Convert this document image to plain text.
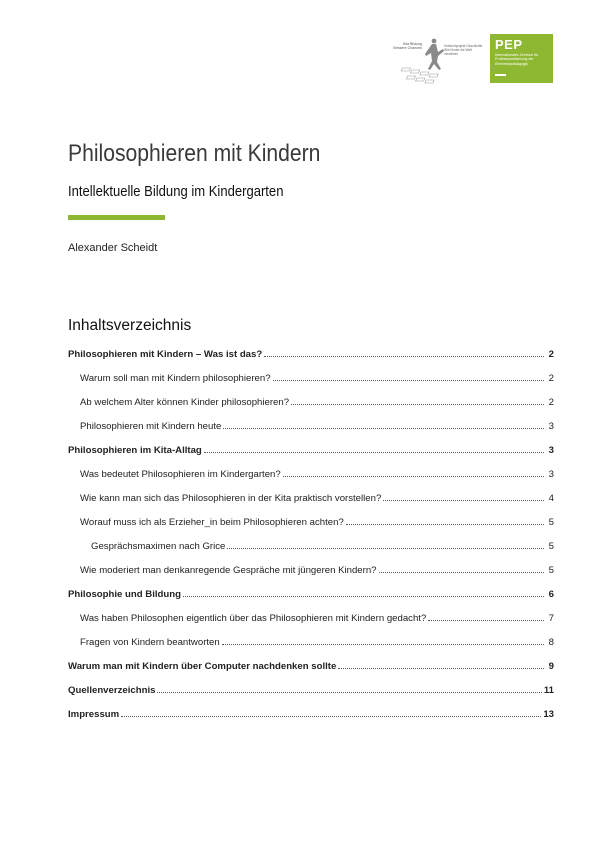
Kita Bildung Bessere Chancen
Verbundprojekt Geschichte Wie Kinder die Welt verstehen
PEP
Internationales Zentrum für Professionalisierung der Elementarpädagogik
Philosophieren mit Kindern
Intellektuelle Bildung im Kindergarten
Alexander Scheidt
Inhaltsverzeichnis
Philosophieren mit Kindern – Was ist das?	2
Warum soll man mit Kindern philosophieren?	2
Ab welchem Alter können Kinder philosophieren?	2
Philosophieren mit Kindern heute	3
Philosophieren im Kita-Alltag	3
Was bedeutet Philosophieren im Kindergarten?	3
Wie kann man sich das Philosophieren in der Kita praktisch vorstellen?	4
Worauf muss ich als Erzieher_in beim Philosophieren achten?	5
Gesprächsmaximen nach Grice	5
Wie moderiert man denkanregende Gespräche mit jüngeren Kindern?	5
Philosophie und Bildung	6
Was haben Philosophen eigentlich über das Philosophieren mit Kindern gedacht?	7
Fragen von Kindern beantworten	8
Warum man mit Kindern über Computer nachdenken sollte	9
Quellenverzeichnis	11
Impressum	13
